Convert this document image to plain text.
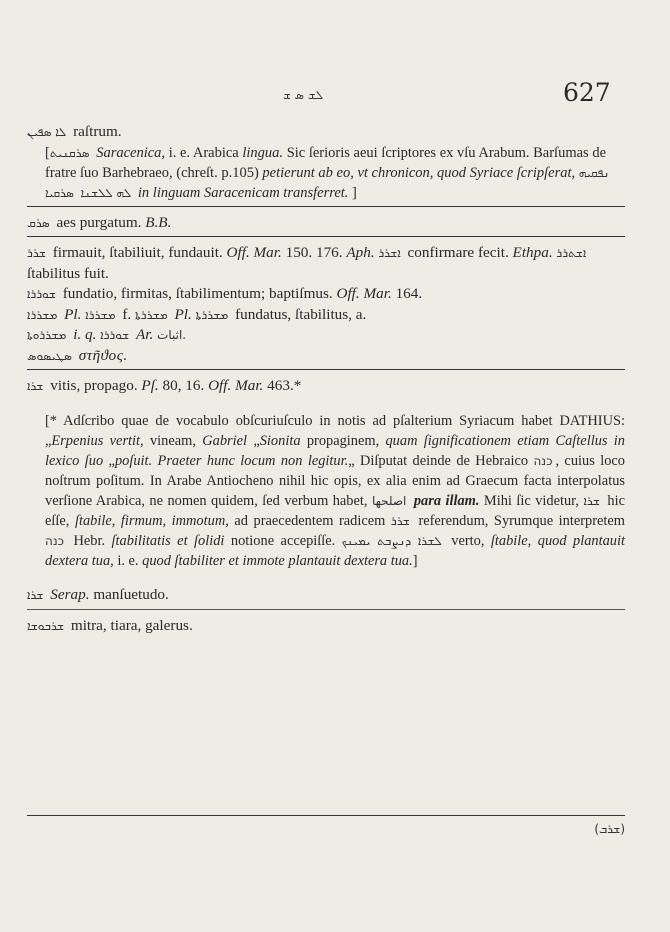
ܠܫ ܣ ܫ	627

ܠܐ ܣܦܝܢ raſtrum.

[ܣܪܩܢܝܬ Saracenica, i. e. Arabica lingua. Sic ſerioris aeui ſcriptores ex vſu Arabum. Barſumas de fratre ſuo Barhebraeo, (chreſt. p.105) petierunt ab eo, vt chronicon, quod Syriace ſcripſerat, ܢܦܩܝܗ ܠܗ ܠܠܫܢܐ ܣܪܩܝܐ	in linguam Saracenicam transferret. ]

ܣܪܩ aes purgatum. B.B.

ܫܪܪ firmauit, ſtabiliuit, fundauit. Off. Mar. 150. 176. Aph. ܐܫܪܪ confirmare fecit. Ethpa. ܐܫܬܪܪ ſtabilitus fuit.

ܫܘܪܪܐ fundatio, firmitas, ſtabilimentum; baptiſmus. Off. Mar. 164.

ܡܫܪܪܐ Pl. ܡܫܪܪܐ f. ܡܫܪܪܬܐ Pl. ܡܫܪܪܬܐ fundatus, ſtabilitus, a.

ܡܫܪܪܘܬܐ i. q. ܫܘܪܪܐ Ar. اثبات.

ܣܛܝܣܘܣ στῆϑος.

ܫܪܐ vitis, propago. Pſ. 80, 16. Off. Mar. 463.*

[* Adſcribo quae de vocabulo obſcuriuſculo in notis ad pſalterium Syriacum habet DATHIUS: „Erpenius vertit, vineam, Gabriel „Sionita propaginem, quam ſignificationem etiam Caſtellus in lexico ſuo „poſuit. Praeter hunc locum non legitur.„ Diſputat deinde de Hebraico כנה , cuius loco noſtrum poſitum. In Arabe Antiocheno nihil hic opis, ex alia enim ad Graecum facta interpolatus verſione Arabica, ne nomen quidem, ſed verbum habet, اصلحها para illam. Mihi ſic videtur, ܫܪܐ hic eſſe, ſtabile, firmum, immotum, ad praecedentem radicem ܫܪܪ referendum, Syrumque interpretem כנה Hebr. ſtabilitatis et ſolidi notione accepiſſe. ܠܫܪܐ ܕܢܨܒܬ ܝܡܝܢܟ verto, ſtabile, quod plantauit dextera tua, i. e. quod ſtabiliter et immote plantauit dextera tua.]

ܫܪܐ Serap. manſuetudo.

ܫܪܒܘܫܐ mitra, tiara, galerus.

(ܫܪܒ)
